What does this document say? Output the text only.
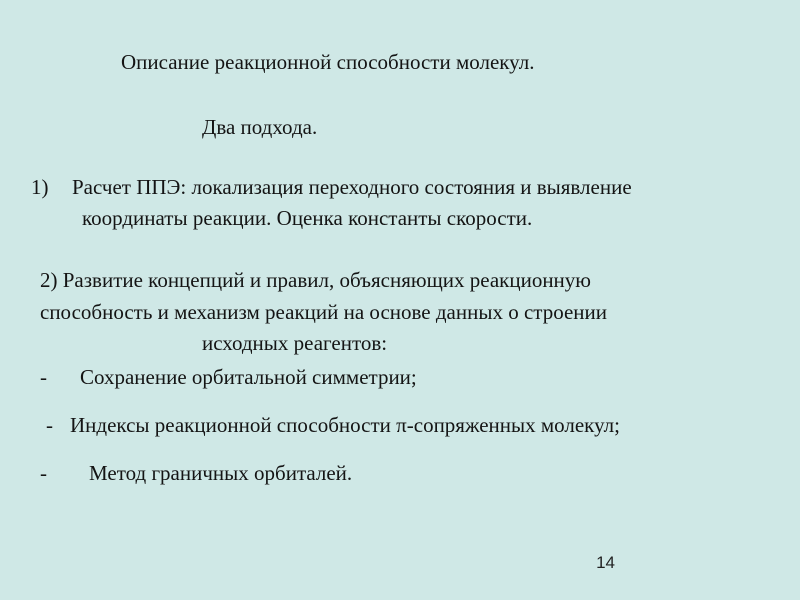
Описание реакционной способности молекул.
Два подхода.
1) Расчет ППЭ: локализация переходного состояния и выявление
координаты реакции. Оценка константы скорости.
2) Развитие концепций и правил, объясняющих реакционную
способность и механизм реакций на основе данных о строении
исходных реагентов:
- Сохранение орбитальной симметрии;
- Индексы реакционной способности π-сопряженных молекул;
- Метод граничных орбиталей.
14
